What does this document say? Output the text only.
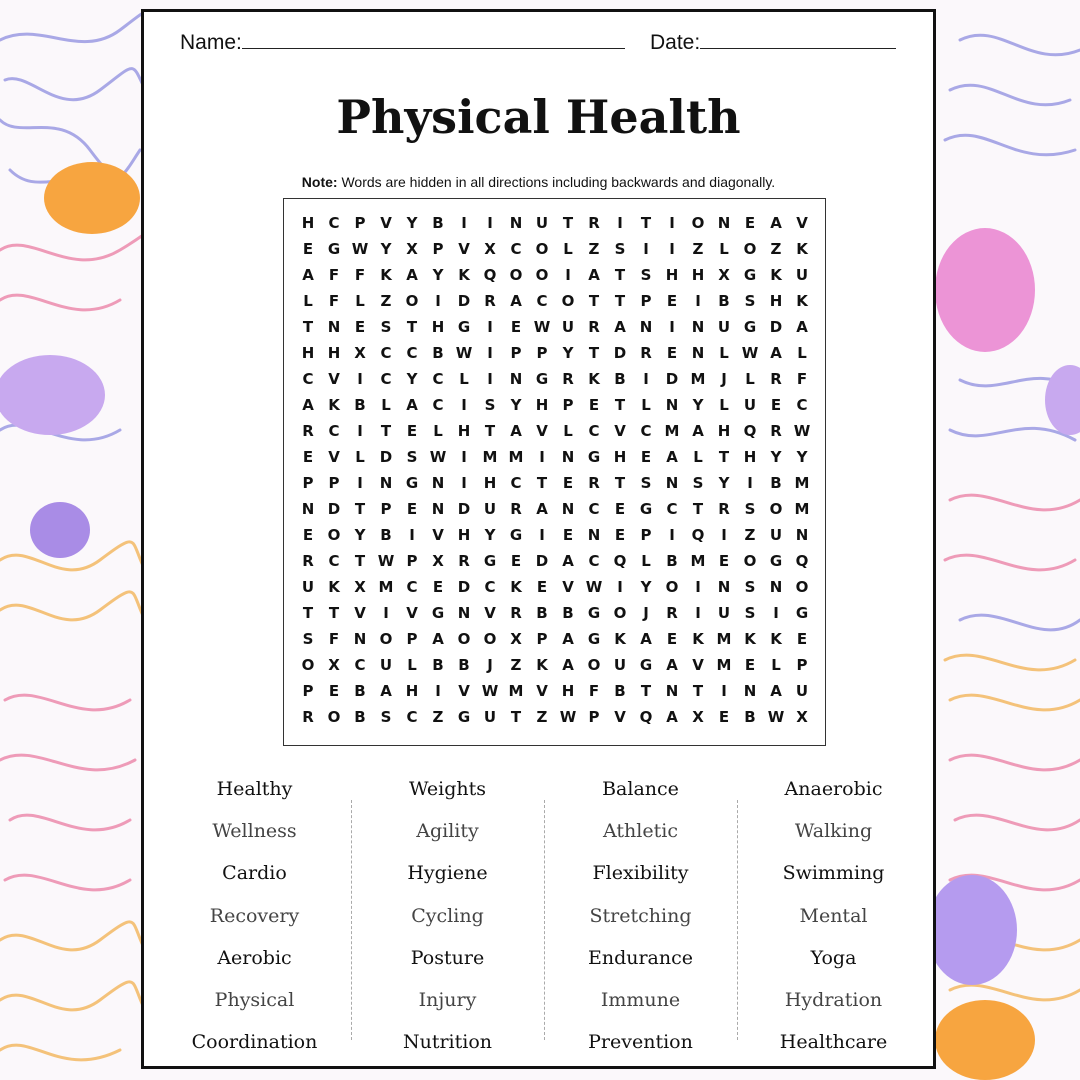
Name:	Date:
Physical Health
Note: Words are hidden in all directions including backwards and diagonally.
H C	P V Y B	I	I	N U T	R	I	T	I	O N E	A V
E G W Y X P V X C O L	Z	S	I	I	Z	L O Z K
A	F	F	K A Y K Q O O	I	A	T	S H H X G K U
L	F	L	Z O	I	D R A C O T	T	P	E	I	B S H K
T N E	S	T H G	I	E W U R A N	I	N U G D A
H H X C C B W I	P	P	Y	T D R	E N L W A	L
C V	I	C	Y	C	L	I	N G R K B	I	D M	J	L	R	F
A K B	L	A C	I	S	Y H P	E	T	L N Y	L	U E	C
R C	I	T	E	L H T	A V	L	C V C M A H Q R W
E	V	L D S W I	M M	I	N G H E	A	L	T H Y	Y
P	P	I	N G N	I	H C	T	E	R	T	S N S	Y	I	B M
N D T	P	E N D U R A N C	E G C	T	R S O M
E O Y B	I	V H Y G	I	E N E	P	I	Q	I	Z U N
R C	T W P X R G E D A C Q L	B M E O G Q
U K X M C	E D C K	E	V W I	Y O	I	N S N O
T	T	V	I	V G N V R B B G O	J	R	I	U S	I	G
S	F N O P A O O X P A G K A	E	K M K K	E
O X C U	L	B B	J	Z K A O U G A V M E	L	P
P	E	B A H	I	V W M V H F	B	T N T	I	N A U
R O B S	C	Z G U T	Z W P V Q A X	E	B W X
Healthy
Wellness
Cardio
Recovery
Aerobic
Physical
Coordination
Weights
Agility
Hygiene
Cycling
Posture
Injury
Nutrition
Balance
Athletic
Flexibility
Stretching
Endurance
Immune
Prevention
Anaerobic
Walking
Swimming
Mental
Yoga
Hydration
Healthcare
